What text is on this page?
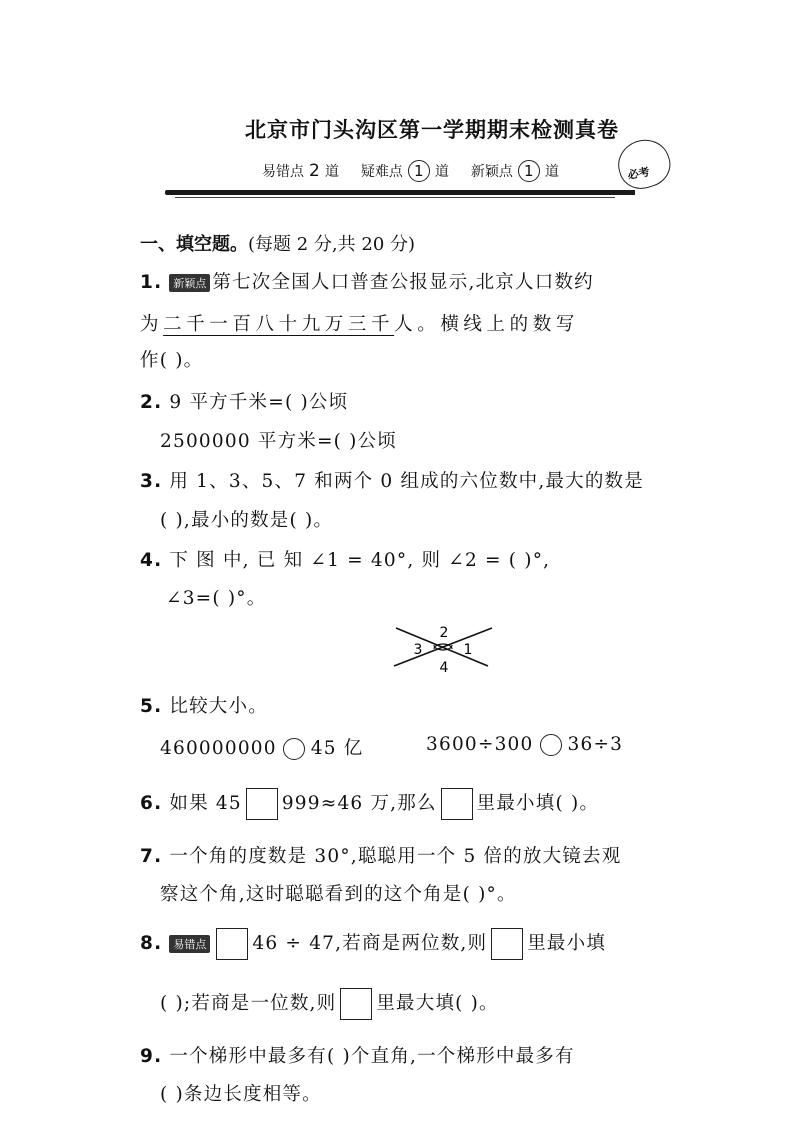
北京市门头沟区第一学期期末检测真卷
易错点 2 道 疑难点 1 道 新颖点 1 道	必考
一、填空题。(每题 2 分,共 20 分)
1. 新颖点 第七次全国人口普查公报显示,北京人口数约
为二千一百八十九万三千人。横线上的数写
作( )。
2. 9 平方千米=( )公顷
2500000 平方米=( )公顷
3. 用 1、3、5、7 和两个 0 组成的六位数中,最大的数是
( ),最小的数是( )。
4. 下 图 中, 已 知 ∠1 = 40°, 则 ∠2 = ( )°,
∠3=( )°。
2
1
3
4
5. 比较大小。
460000000 45 亿	3600÷300 36÷3
6. 如果 45 999≈46 万,那么 里最小填( )。
7. 一个角的度数是 30°,聪聪用一个 5 倍的放大镜去观
察这个角,这时聪聪看到的这个角是( )°。
8. 易错点 46 ÷ 47,若商是两位数,则 里最小填
( );若商是一位数,则 里最大填( )。
9. 一个梯形中最多有( )个直角,一个梯形中最多有
( )条边长度相等。
